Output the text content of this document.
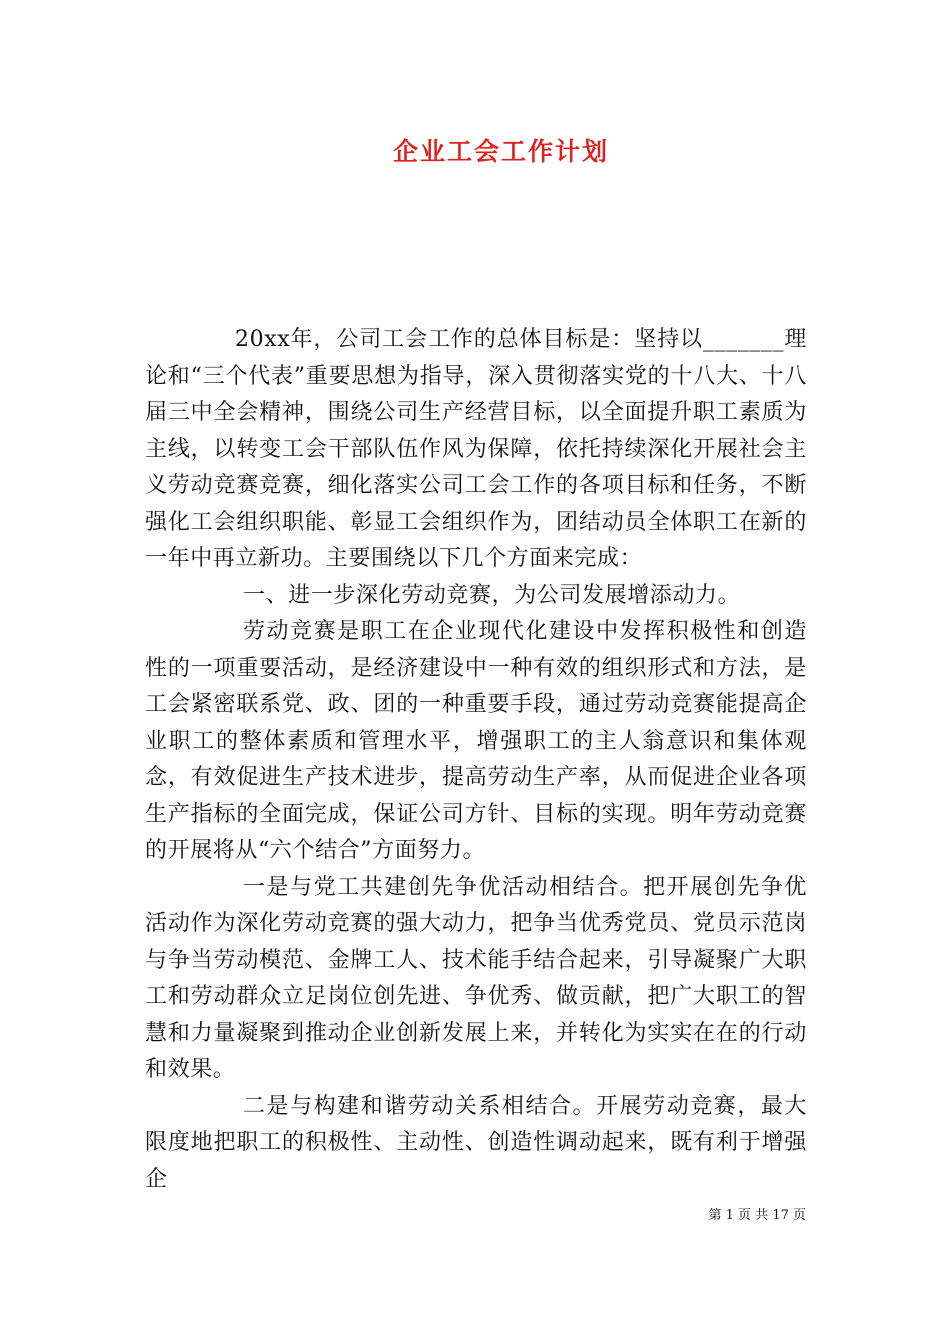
企业工会工作计划

20xx年，公司工会工作的总体目标是：坚持以_______理论和“三个代表”重要思想为指导，深入贯彻落实党的十八大、十八届三中全会精神，围绕公司生产经营目标，以全面提升职工素质为主线，以转变工会干部队伍作风为保障，依托持续深化开展社会主义劳动竞赛竞赛，细化落实公司工会工作的各项目标和任务，不断强化工会组织职能、彰显工会组织作为，团结动员全体职工在新的一年中再立新功。主要围绕以下几个方面来完成：

一、进一步深化劳动竞赛，为公司发展增添动力。

劳动竞赛是职工在企业现代化建设中发挥积极性和创造性的一项重要活动，是经济建设中一种有效的组织形式和方法，是工会紧密联系党、政、团的一种重要手段，通过劳动竞赛能提高企业职工的整体素质和管理水平，增强职工的主人翁意识和集体观念，有效促进生产技术进步，提高劳动生产率，从而促进企业各项生产指标的全面完成，保证公司方针、目标的实现。明年劳动竞赛的开展将从“六个结合”方面努力。

一是与党工共建创先争优活动相结合。把开展创先争优活动作为深化劳动竞赛的强大动力，把争当优秀党员、党员示范岗与争当劳动模范、金牌工人、技术能手结合起来，引导凝聚广大职工和劳动群众立足岗位创先进、争优秀、做贡献，把广大职工的智慧和力量凝聚到推动企业创新发展上来，并转化为实实在在的行动和效果。

二是与构建和谐劳动关系相结合。开展劳动竞赛，最大限度地把职工的积极性、主动性、创造性调动起来，既有利于增强企

第 1 页 共 17 页
